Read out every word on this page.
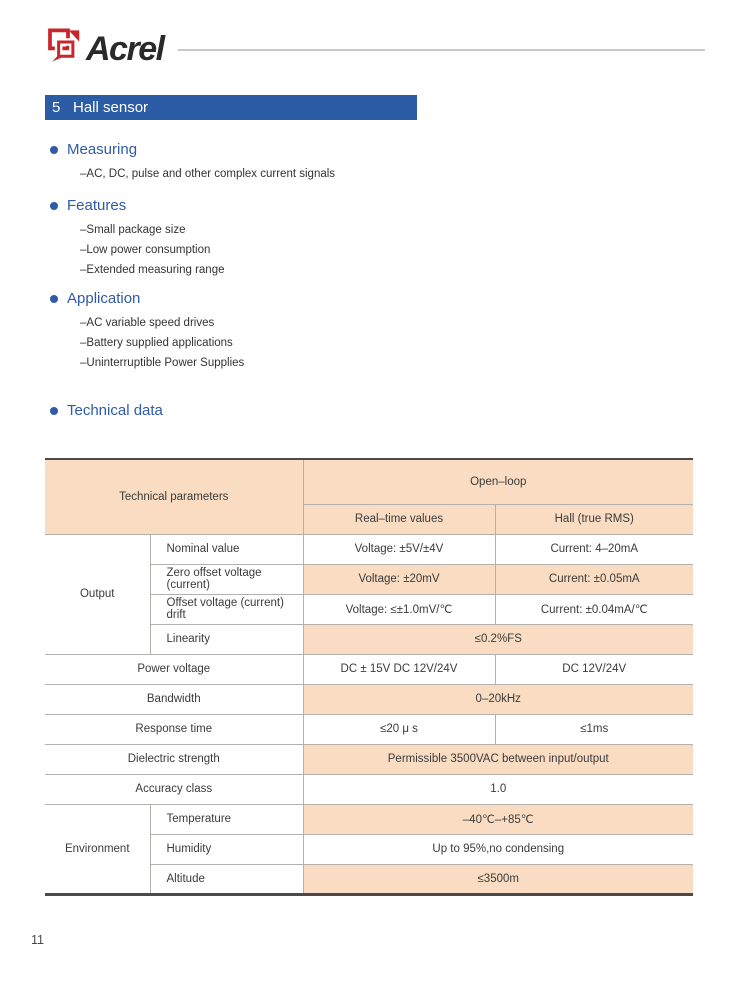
Acrel
5 Hall sensor
Measuring
–AC, DC, pulse and other complex current signals
Features
–Small package size
–Low power consumption
–Extended measuring range
Application
–AC variable speed drives
–Battery supplied applications
–Uninterruptible Power Supplies
Technical data
Technical parameters		Open–loop	
		Real–time values	Hall (true RMS)
Output	Nominal value	Voltage: ±5V/±4V	Current: 4–20mA
	Zero offset voltage (current)	Voltage: ±20mV	Current: ±0.05mA
	Offset voltage (current) drift	Voltage: ≤±1.0mV/℃	Current: ±0.04mA/℃
	Linearity	≤0.2%FS	
Power voltage		DC ± 15V DC 12V/24V	DC 12V/24V
Bandwidth		0–20kHz	
Response time		≤20 μ s	≤1ms
Dielectric strength		Permissible 3500VAC between input/output	
Accuracy class		1.0	
Environment	Temperature	–40℃–+85℃	
	Humidity	Up to 95%,no condensing	
	Altitude	≤3500m	
11
